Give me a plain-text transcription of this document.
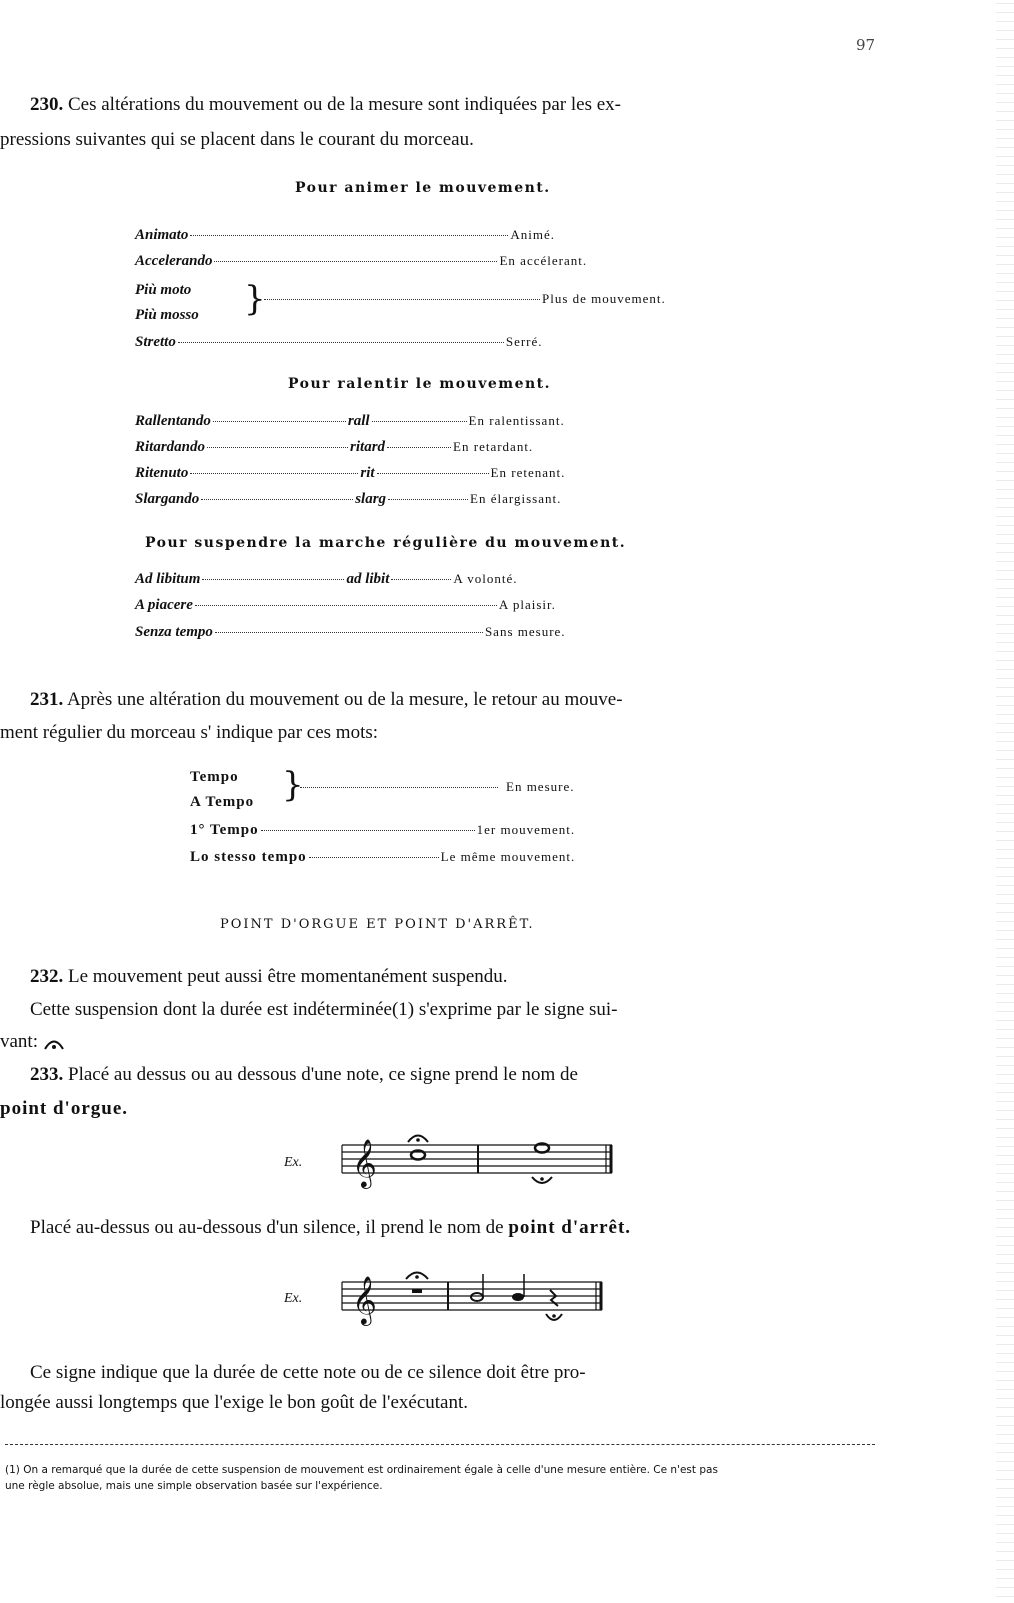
97
230. Ces altérations du mouvement ou de la mesure sont indiquées par les ex-
pressions suivantes qui se placent dans le courant du morceau.
Pour animer le mouvement.
Animato	Animé.
Accelerando	En accélerant.
Più moto
Più mosso }	Plus de mouvement.
Stretto	Serré.
Pour ralentir le mouvement.
Rallentando	rall	En ralentissant.
Ritardando	ritard	En retardant.
Ritenuto	rit	En retenant.
Slargando	slarg	En élargissant.
Pour suspendre la marche régulière du mouvement.
Ad libitum	ad libit	A volonté.
A piacere	A plaisir.
Senza tempo	Sans mesure.
231. Après une altération du mouvement ou de la mesure, le retour au mouve-
ment régulier du morceau s' indique par ces mots:
Tempo
A Tempo }	En mesure.
1° Tempo	1er mouvement.
Lo stesso tempo	Le même mouvement.
POINT D'ORGUE ET POINT D'ARRÊT.
232. Le mouvement peut aussi être momentanément suspendu.
Cette suspension dont la durée est indéterminée(1) s'exprime par le signe sui-
vant:
233. Placé au dessus ou au dessous d'une note, ce signe prend le nom de
point d'orgue.
Ex. 𝄞
Placé au-dessus ou au-dessous d'un silence, il prend le nom de point d'arrêt.
Ex. 𝄞
Ce signe indique que la durée de cette note ou de ce silence doit être pro-
longée aussi longtemps que l'exige le bon goût de l'exécutant.
(1) On a remarqué que la durée de cette suspension de mouvement est ordinairement égale à celle d'une mesure entière. Ce n'est pas
une règle absolue, mais une simple observation basée sur l'expérience.
